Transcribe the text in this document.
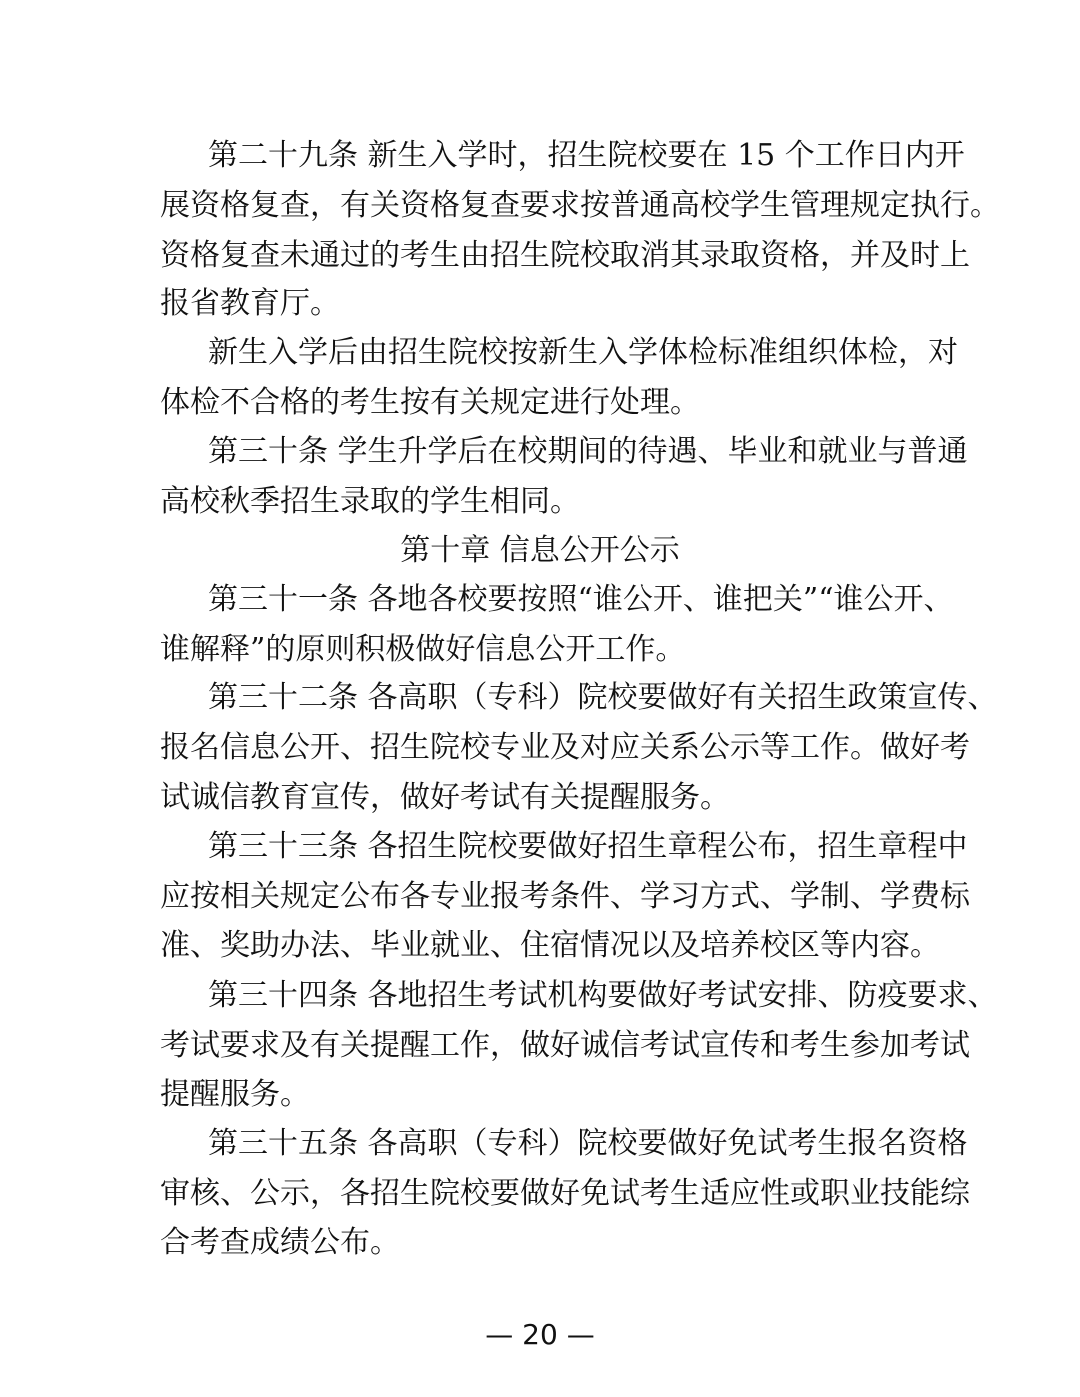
第二十九条 新生入学时，招生院校要在 15 个工作日内开
展资格复查，有关资格复查要求按普通高校学生管理规定执行。
资格复查未通过的考生由招生院校取消其录取资格，并及时上
报省教育厅。
新生入学后由招生院校按新生入学体检标准组织体检，对
体检不合格的考生按有关规定进行处理。
第三十条 学生升学后在校期间的待遇、毕业和就业与普通
高校秋季招生录取的学生相同。
第十章 信息公开公示
第三十一条 各地各校要按照“谁公开、谁把关”“谁公开、
谁解释”的原则积极做好信息公开工作。
第三十二条 各高职（专科）院校要做好有关招生政策宣传、
报名信息公开、招生院校专业及对应关系公示等工作。做好考
试诚信教育宣传，做好考试有关提醒服务。
第三十三条 各招生院校要做好招生章程公布，招生章程中
应按相关规定公布各专业报考条件、学习方式、学制、学费标
准、奖助办法、毕业就业、住宿情况以及培养校区等内容。
第三十四条 各地招生考试机构要做好考试安排、防疫要求、
考试要求及有关提醒工作，做好诚信考试宣传和考生参加考试
提醒服务。
第三十五条 各高职（专科）院校要做好免试考生报名资格
审核、公示，各招生院校要做好免试考生适应性或职业技能综
合考查成绩公布。
— 20 —
